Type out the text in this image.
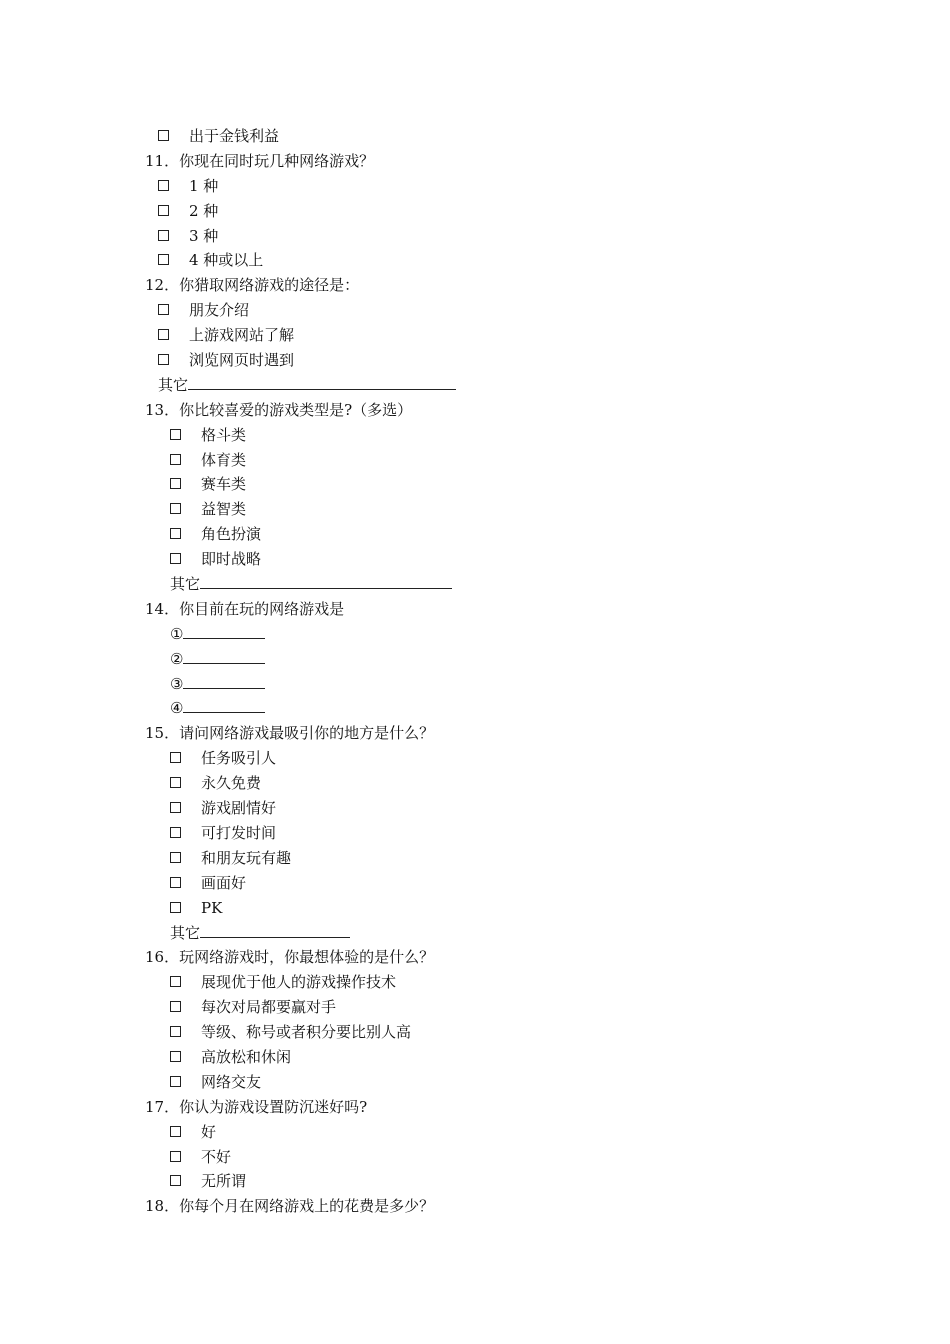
出于金钱利益
11．你现在同时玩几种网络游戏？
1 种
2 种
3 种
4 种或以上
12．你猎取网络游戏的途径是：
朋友介绍
上游戏网站了解
浏览网页时遇到
其它
13．你比较喜爱的游戏类型是?（多选）
格斗类
体育类
赛车类
益智类
角色扮演
即时战略
其它
14．你目前在玩的网络游戏是
①
②
③
④
15．请问网络游戏最吸引你的地方是什么？
任务吸引人
永久免费
游戏剧情好
可打发时间
和朋友玩有趣
画面好
PK
其它
16．玩网络游戏时，你最想体验的是什么？
展现优于他人的游戏操作技术
每次对局都要赢对手
等级、称号或者积分要比别人高
高放松和休闲
网络交友
17．你认为游戏设置防沉迷好吗?
好
不好
无所谓
18．你每个月在网络游戏上的花费是多少？
